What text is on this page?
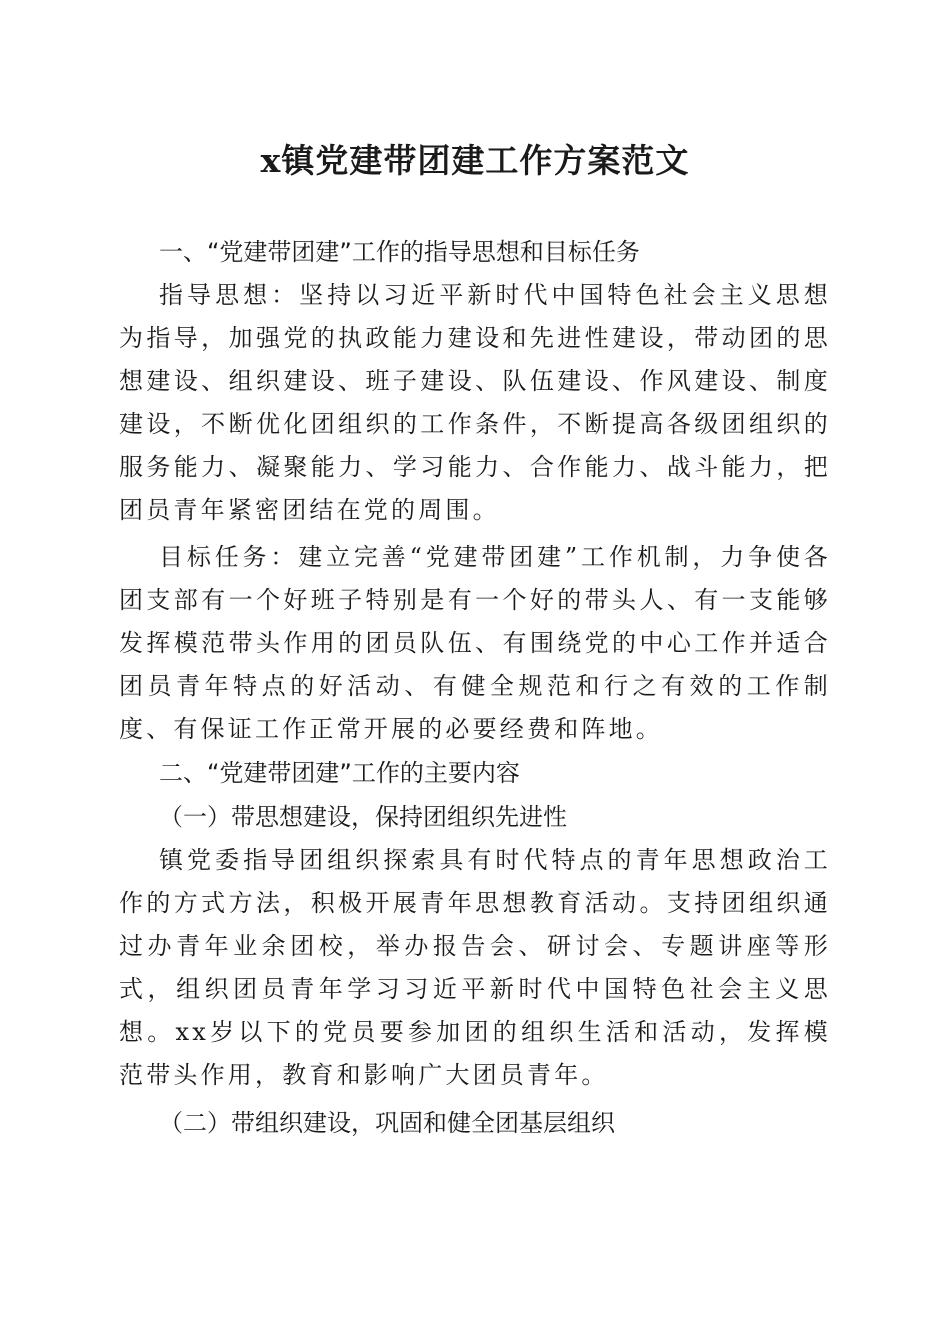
x镇党建带团建工作方案范文
一、“党建带团建”工作的指导思想和目标任务

指导思想：坚持以习近平新时代中国特色社会主义思想为指导，加强党的执政能力建设和先进性建设，带动团的思想建设、组织建设、班子建设、队伍建设、作风建设、制度建设，不断优化团组织的工作条件，不断提高各级团组织的服务能力、凝聚能力、学习能力、合作能力、战斗能力，把团员青年紧密团结在党的周围。

目标任务：建立完善“党建带团建”工作机制，力争使各团支部有一个好班子特别是有一个好的带头人、有一支能够发挥模范带头作用的团员队伍、有围绕党的中心工作并适合团员青年特点的好活动、有健全规范和行之有效的工作制度、有保证工作正常开展的必要经费和阵地。

二、“党建带团建”工作的主要内容
（一）带思想建设，保持团组织先进性

镇党委指导团组织探索具有时代特点的青年思想政治工作的方式方法，积极开展青年思想教育活动。支持团组织通过办青年业余团校，举办报告会、研讨会、专题讲座等形式，组织团员青年学习习近平新时代中国特色社会主义思想。xx岁以下的党员要参加团的组织生活和活动，发挥模范带头作用，教育和影响广大团员青年。

（二）带组织建设，巩固和健全团基层组织
